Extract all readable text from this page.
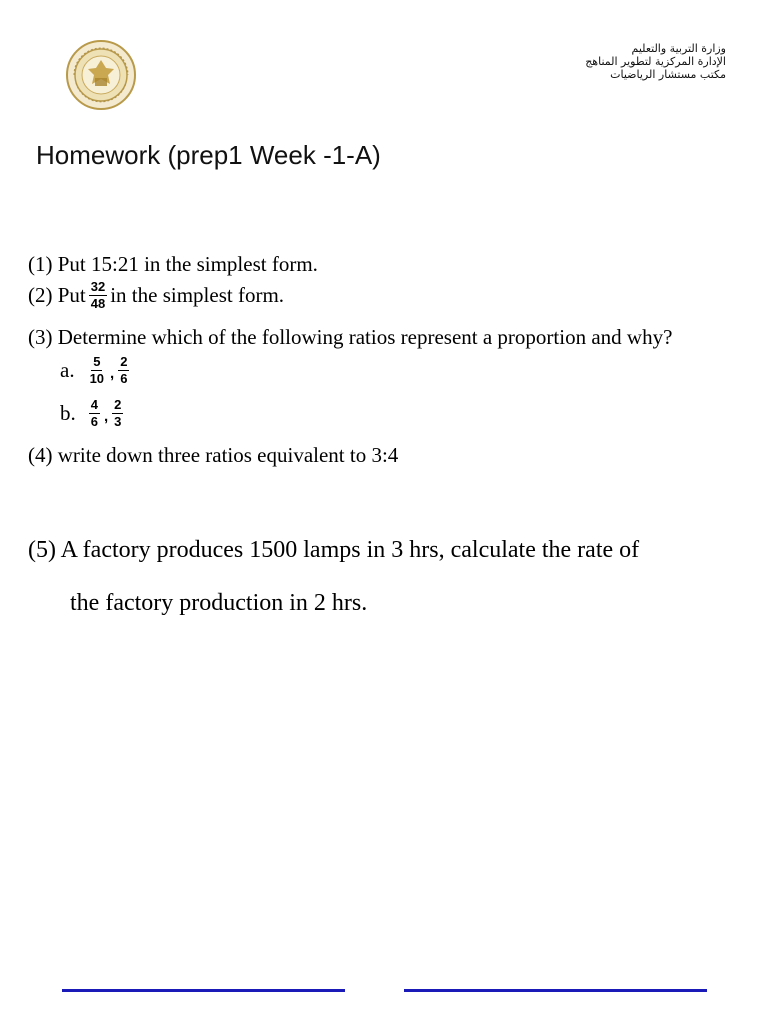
وزارة التربية والتعليم
الإدارة المركزية لتطوير المناهج
مكتب مستشار الرياضيات
Homework (prep1 Week -1-A)
(1) Put 15:21 in the simplest form.
(2) Put $\frac{32}{48}$ in the simplest form.
(3) Determine which of the following ratios represent a proportion and why?
a. $\frac{5}{10}$ , $\frac{2}{6}$
b. $\frac{4}{6}$ , $\frac{2}{3}$
(4) write down three ratios equivalent to 3:4
(5) A factory produces 1500 lamps in 3 hrs, calculate the rate of
the factory production in 2 hrs.
